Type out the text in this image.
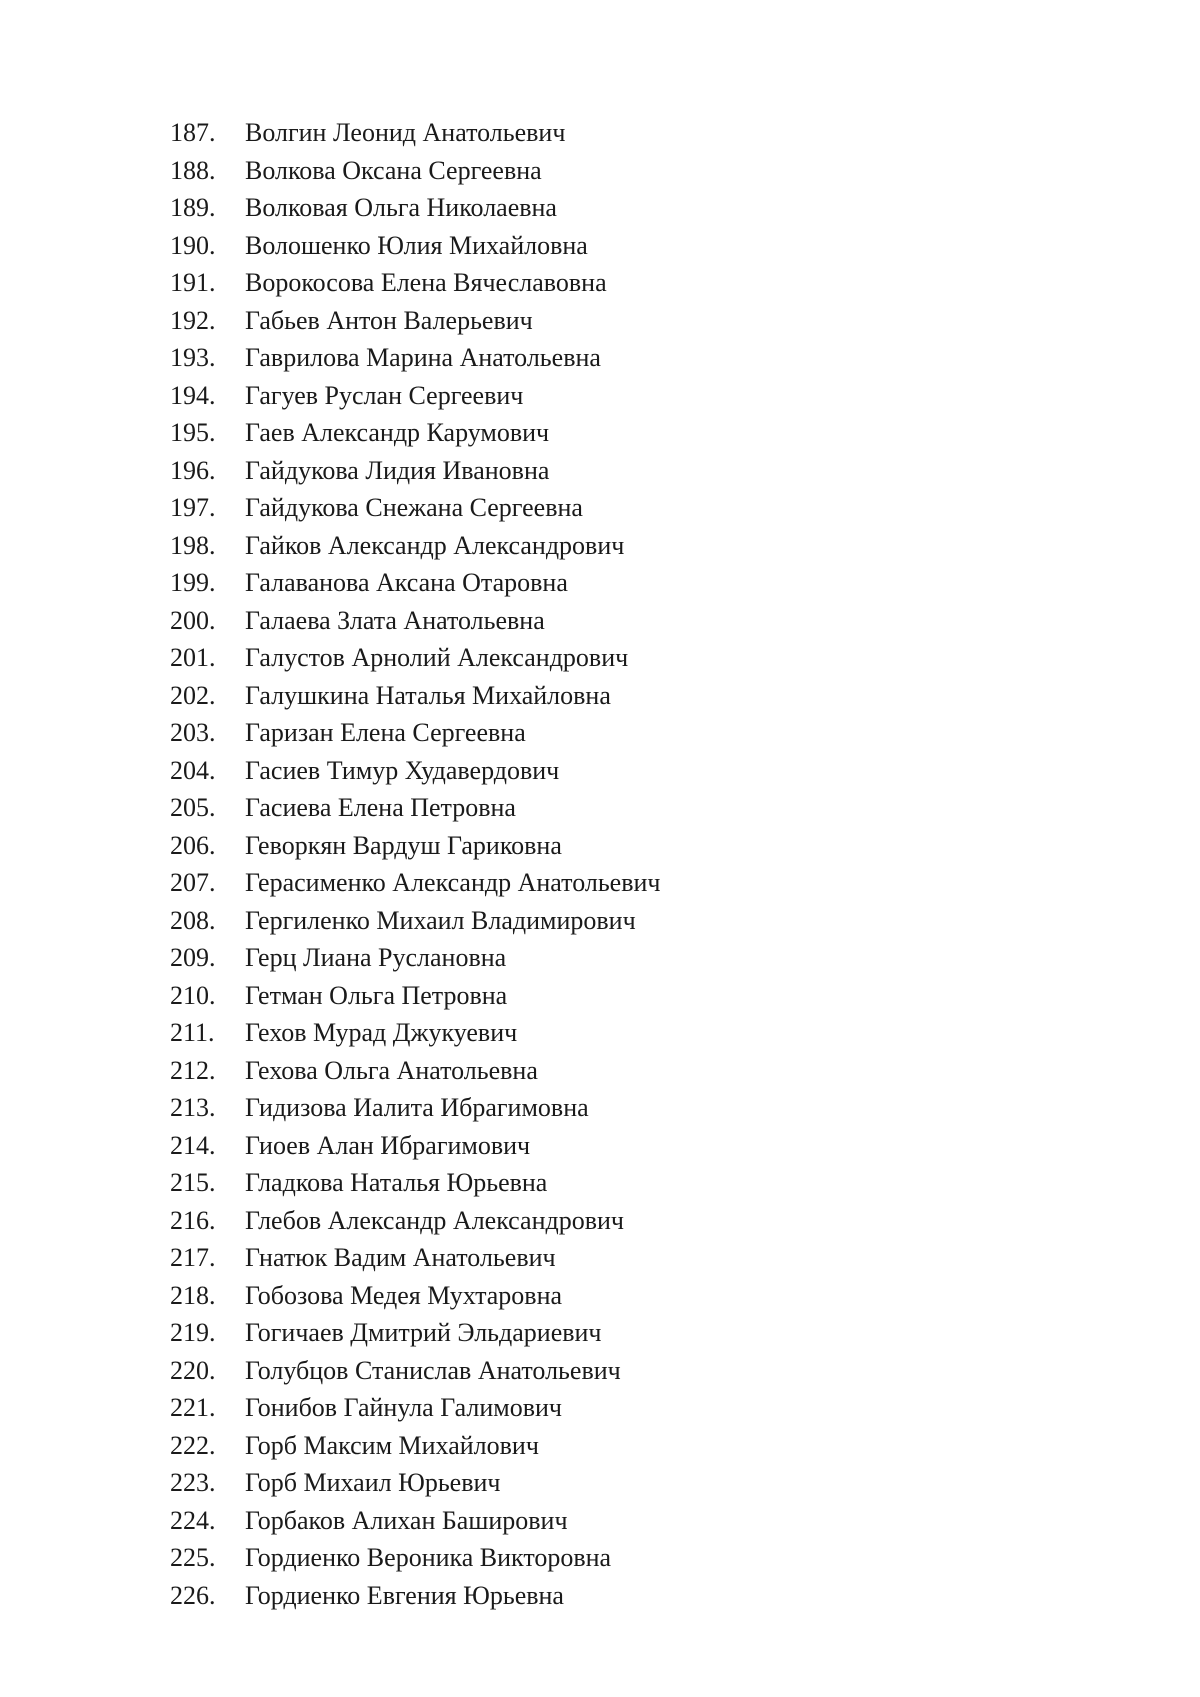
187.	Волгин Леонид Анатольевич
188.	Волкова Оксана Сергеевна
189.	Волковая Ольга Николаевна
190.	Волошенко Юлия Михайловна
191.	Ворокосова Елена Вячеславовна
192.	Габьев Антон Валерьевич
193.	Гаврилова Марина Анатольевна
194.	Гагуев Руслан Сергеевич
195.	Гаев Александр Карумович
196.	Гайдукова Лидия Ивановна
197.	Гайдукова Снежана Сергеевна
198.	Гайков Александр Александрович
199.	Галаванова Аксана Отаровна
200.	Галаева Злата Анатольевна
201.	Галустов Арнолий Александрович
202.	Галушкина Наталья Михайловна
203.	Гаризан Елена Сергеевна
204.	Гасиев Тимур Худавердович
205.	Гасиева Елена Петровна
206.	Геворкян Вардуш Гариковна
207.	Герасименко Александр Анатольевич
208.	Гергиленко Михаил Владимирович
209.	Герц Лиана Руслановна
210.	Гетман Ольга Петровна
211.	Гехов Мурад Джукуевич
212.	Гехова Ольга Анатольевна
213.	Гидизова Иалита Ибрагимовна
214.	Гиоев Алан Ибрагимович
215.	Гладкова Наталья Юрьевна
216.	Глебов Александр Александрович
217.	Гнатюк Вадим Анатольевич
218.	Гобозова Медея Мухтаровна
219.	Гогичаев Дмитрий Эльдариевич
220.	Голубцов Станислав Анатольевич
221.	Гонибов Гайнула Галимович
222.	Горб Максим Михайлович
223.	Горб Михаил Юрьевич
224.	Горбаков Алихан Баширович
225.	Гордиенко Вероника Викторовна
226.	Гордиенко Евгения Юрьевна
